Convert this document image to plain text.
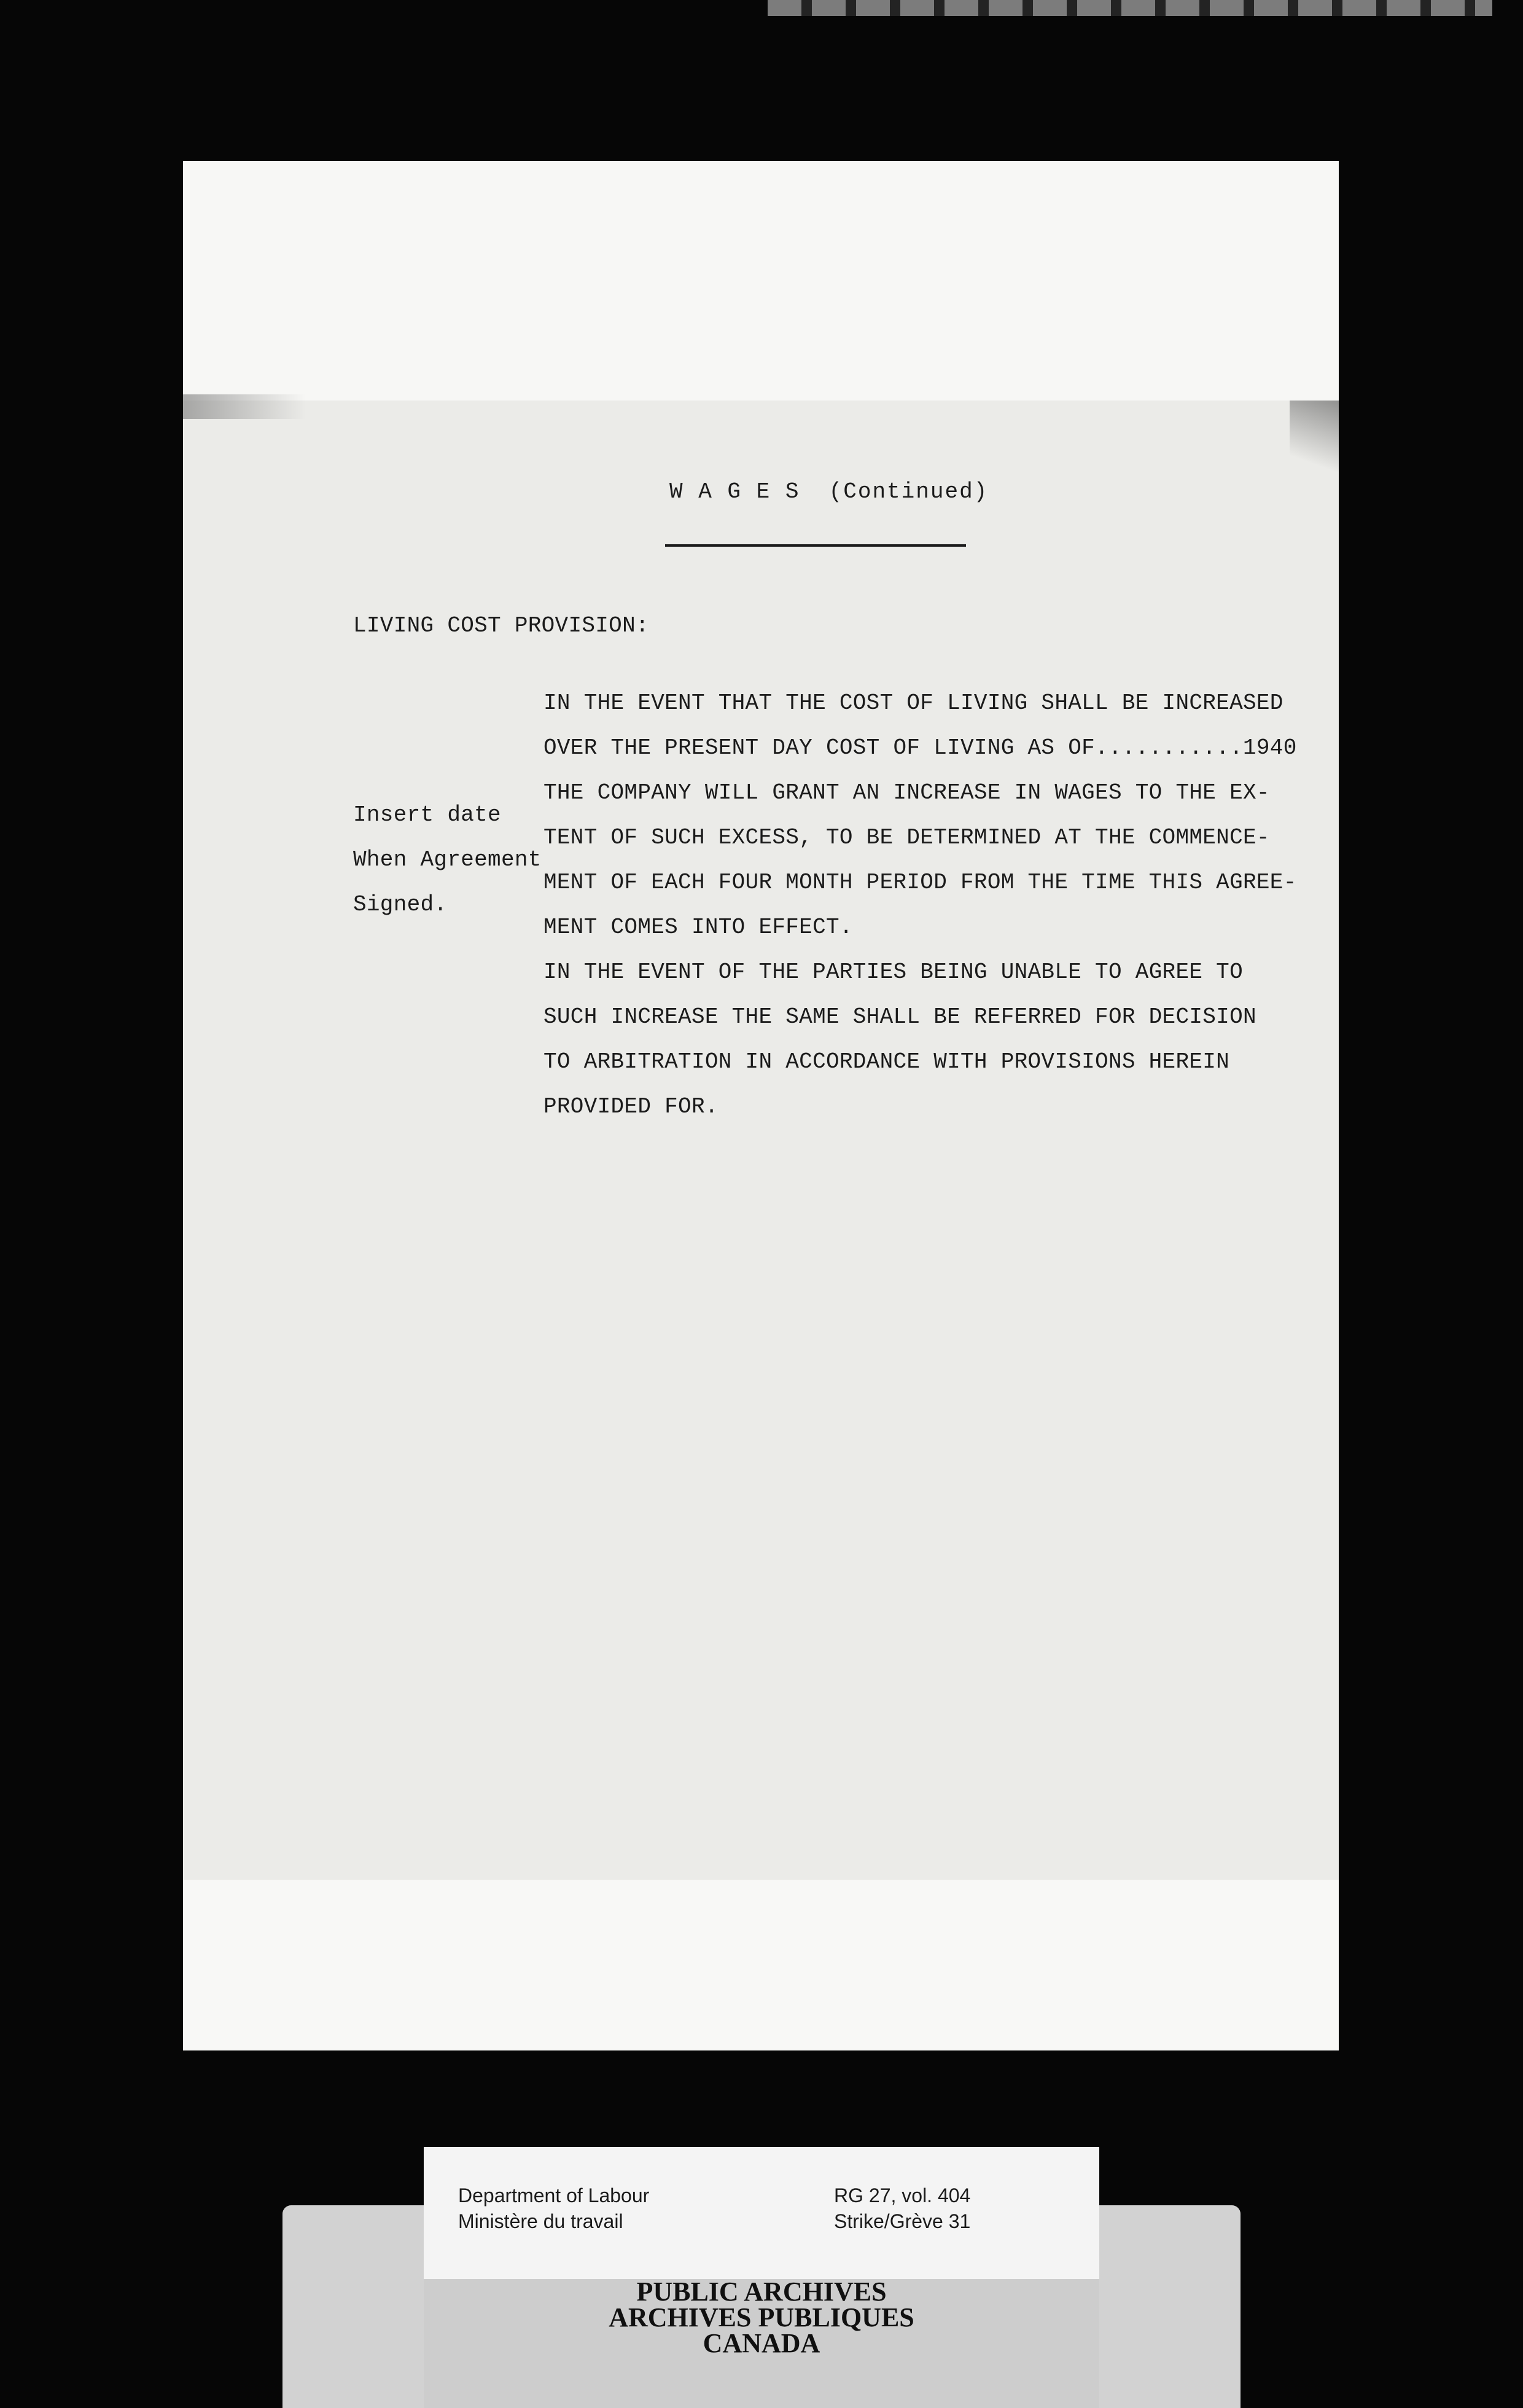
W A G E S  (Continued)

LIVING COST PROVISION:

Insert date

When Agreement

Signed.

IN THE EVENT THAT THE COST OF LIVING SHALL BE INCREASED

OVER THE PRESENT DAY COST OF LIVING AS OF...........1940

THE COMPANY WILL GRANT AN INCREASE IN WAGES TO THE EX-

TENT OF SUCH EXCESS, TO BE DETERMINED AT THE COMMENCE-

MENT OF EACH FOUR MONTH PERIOD FROM THE TIME THIS AGREE-

MENT COMES INTO EFFECT.

IN THE EVENT OF THE PARTIES BEING UNABLE TO AGREE TO

SUCH INCREASE THE SAME SHALL BE REFERRED FOR DECISION

TO ARBITRATION IN ACCORDANCE WITH PROVISIONS HEREIN

PROVIDED FOR.

Department of Labour
Ministère du travail
RG 27, vol. 404
Strike/Grève 31
PUBLIC ARCHIVES
ARCHIVES PUBLIQUES
CANADA
